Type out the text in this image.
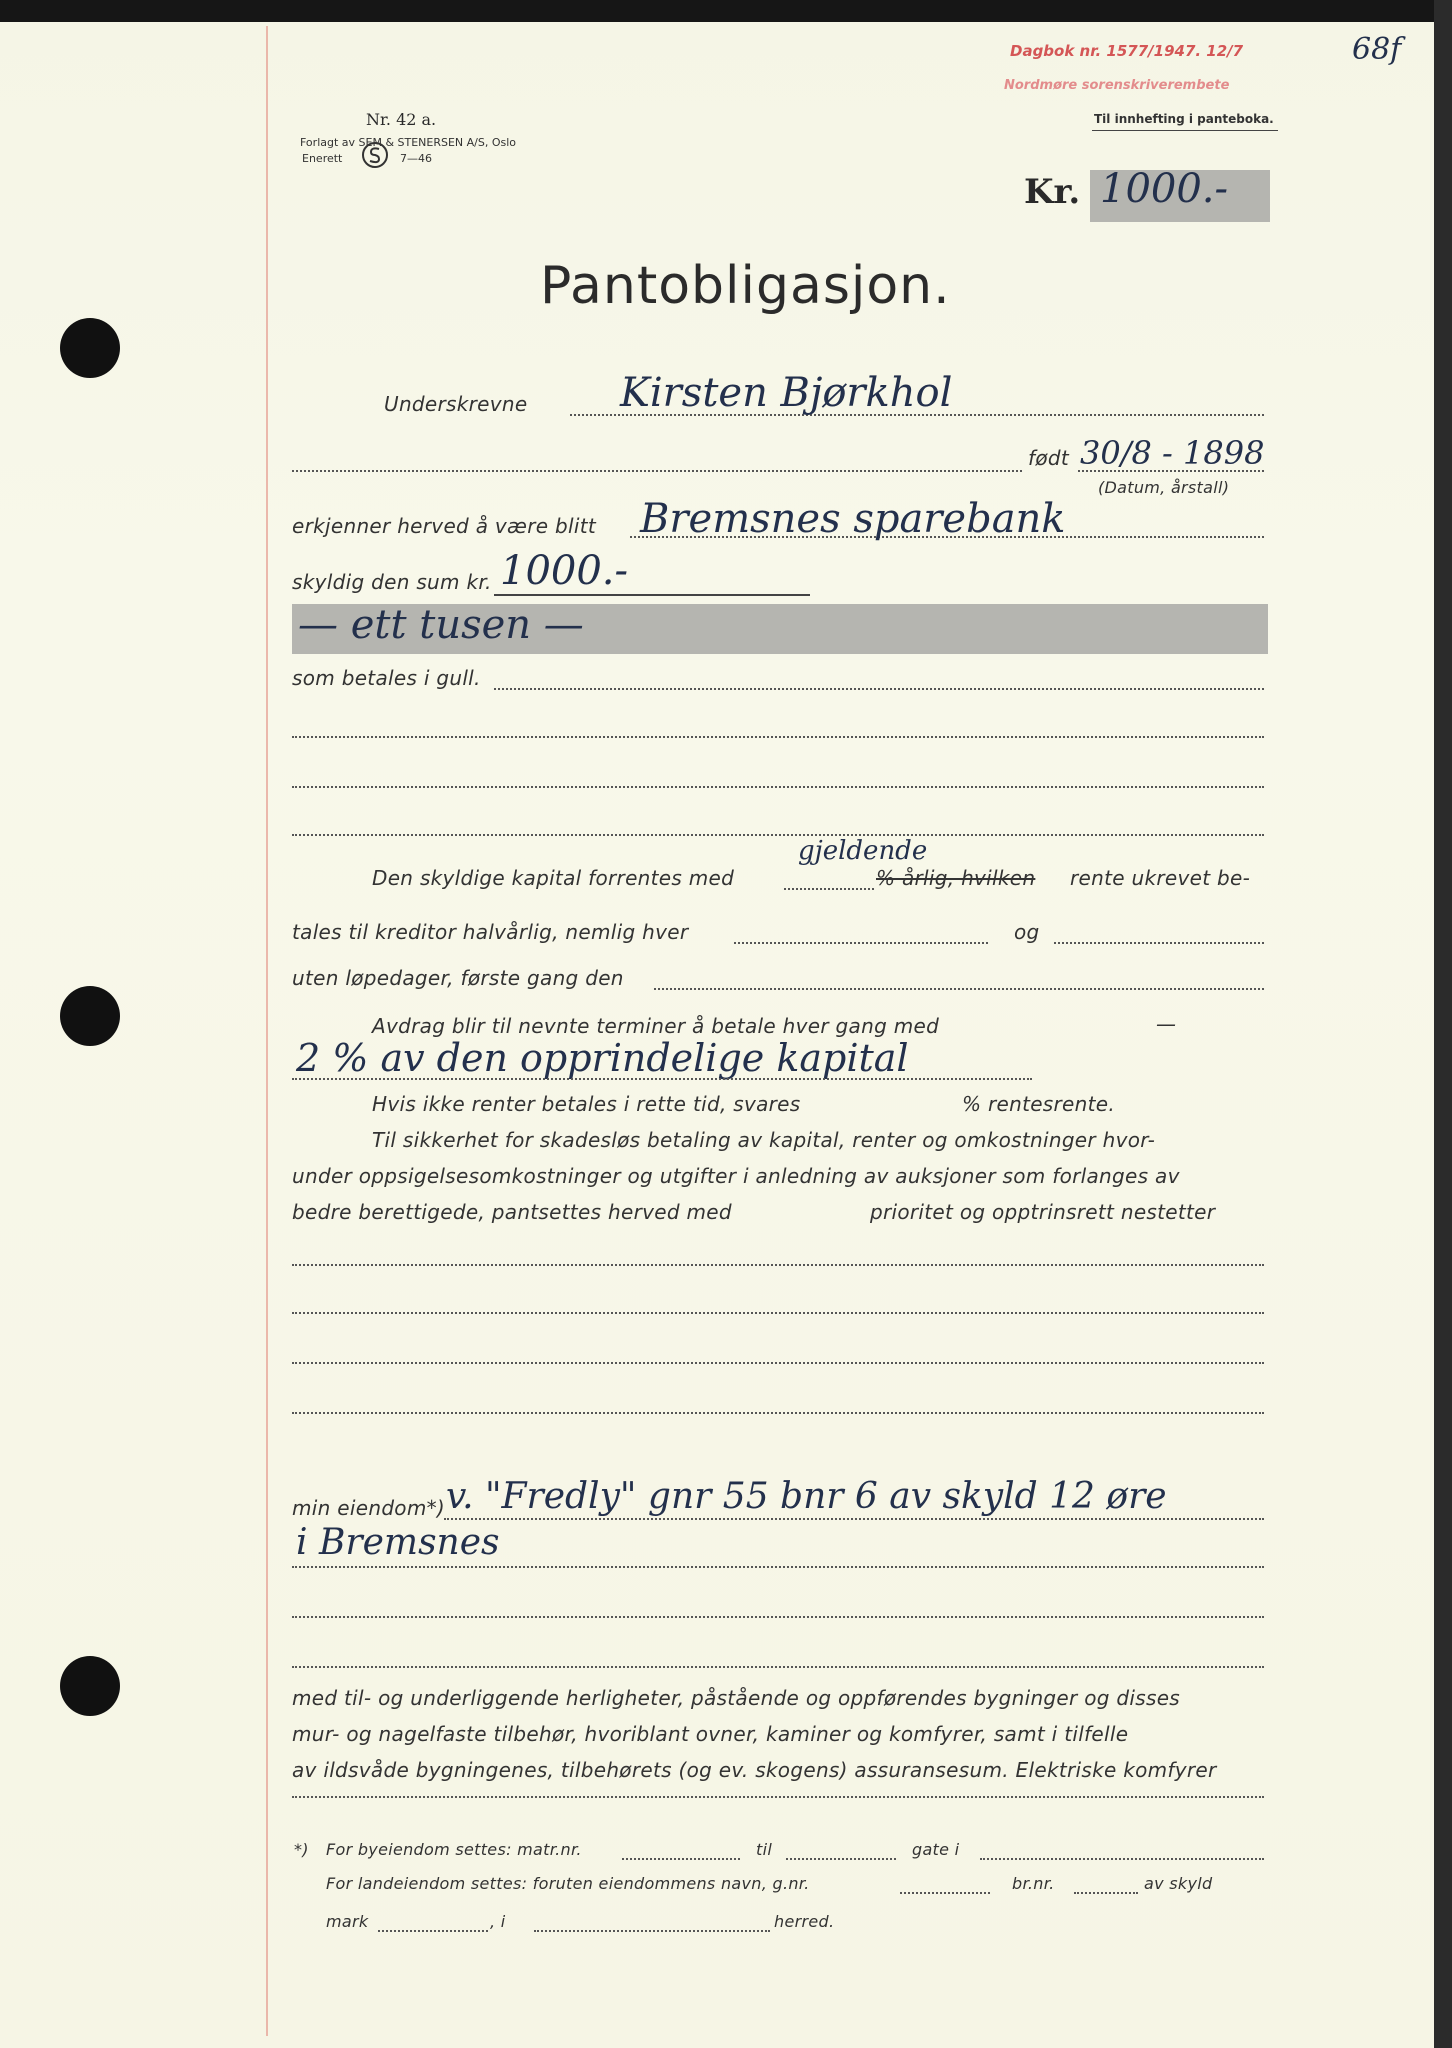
Nr. 42 a.
Forlagt av SEM & STENERSEN A/S, Oslo
Enerett	7—46
Dagbok nr. 1577/1947. 12/7	68f
Nordmøre sorenskriverembete
Til innhefting i panteboka.
Kr. 1000.-
Pantobligasjon.
Underskrevne Kirsten Bjørkhol
født 30/8 - 1898
(Datum, årstall)
erkjenner herved å være blitt Bremsnes sparebank
skyldig den sum kr. 1000.-
— ett tusen —
som betales i gull.
gjeldende
Den skyldige kapital forrentes med	% årlig, hvilken rente ukrevet be-
tales til kreditor halvårlig, nemlig hver	og
uten løpedager, første gang den
Avdrag blir til nevnte terminer å betale hver gang med	—
2 % av den opprindelige kapital
Hvis ikke renter betales i rette tid, svares	% rentesrente.
Til sikkerhet for skadesløs betaling av kapital, renter og omkostninger hvor-
under oppsigelsesomkostninger og utgifter i anledning av auksjoner som forlanges av
bedre berettigede, pantsettes herved med	prioritet og opptrinsrett nestetter
min eiendom*) v. "Fredly" gnr 55 bnr 6 av skyld 12 øre
i Bremsnes
med til- og underliggende herligheter, påstående og oppførendes bygninger og disses
mur- og nagelfaste tilbehør, hvoriblant ovner, kaminer og komfyrer, samt i tilfelle
av ildsvåde bygningenes, tilbehørets (og ev. skogens) assuransesum. Elektriske komfyrer
*) For byeiendom settes: matr.nr.	til	gate i
For landeiendom settes: foruten eiendommens navn, g.nr.	br.nr.	av skyld
mark	, i	herred.
